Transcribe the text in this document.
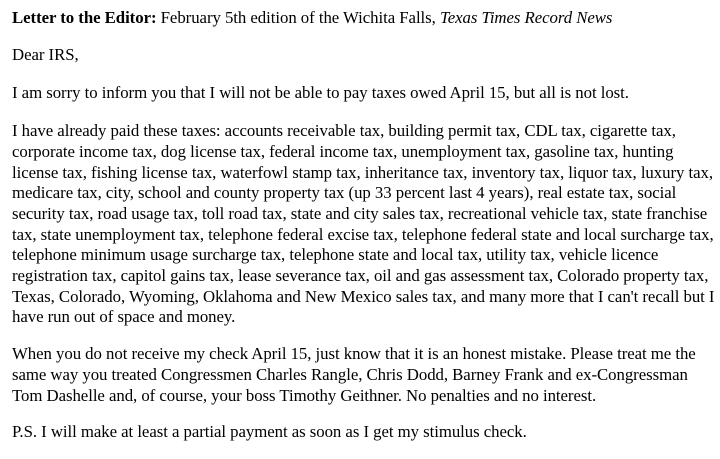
Letter to the Editor: February 5th edition of the Wichita Falls, Texas Times Record News

Dear IRS,

I am sorry to inform you that I will not be able to pay taxes owed April 15, but all is not lost.

I have already paid these taxes: accounts receivable tax, building permit tax, CDL tax, cigarette tax,
corporate income tax, dog license tax, federal income tax, unemployment tax, gasoline tax, hunting
license tax, fishing license tax, waterfowl stamp tax, inheritance tax, inventory tax, liquor tax, luxury tax,
medicare tax, city, school and county property tax (up 33 percent last 4 years), real estate tax, social
security tax, road usage tax, toll road tax, state and city sales tax, recreational vehicle tax, state franchise
tax, state unemployment tax, telephone federal excise tax, telephone federal state and local surcharge tax,
telephone minimum usage surcharge tax, telephone state and local tax, utility tax, vehicle licence
registration tax, capitol gains tax, lease severance tax, oil and gas assessment tax, Colorado property tax,
Texas, Colorado, Wyoming, Oklahoma and New Mexico sales tax, and many more that I can't recall but I
have run out of space and money.

When you do not receive my check April 15, just know that it is an honest mistake. Please treat me the
same way you treated Congressmen Charles Rangle, Chris Dodd, Barney Frank and ex-Congressman
Tom Dashelle and, of course, your boss Timothy Geithner. No penalties and no interest.

P.S. I will make at least a partial payment as soon as I get my stimulus check.
